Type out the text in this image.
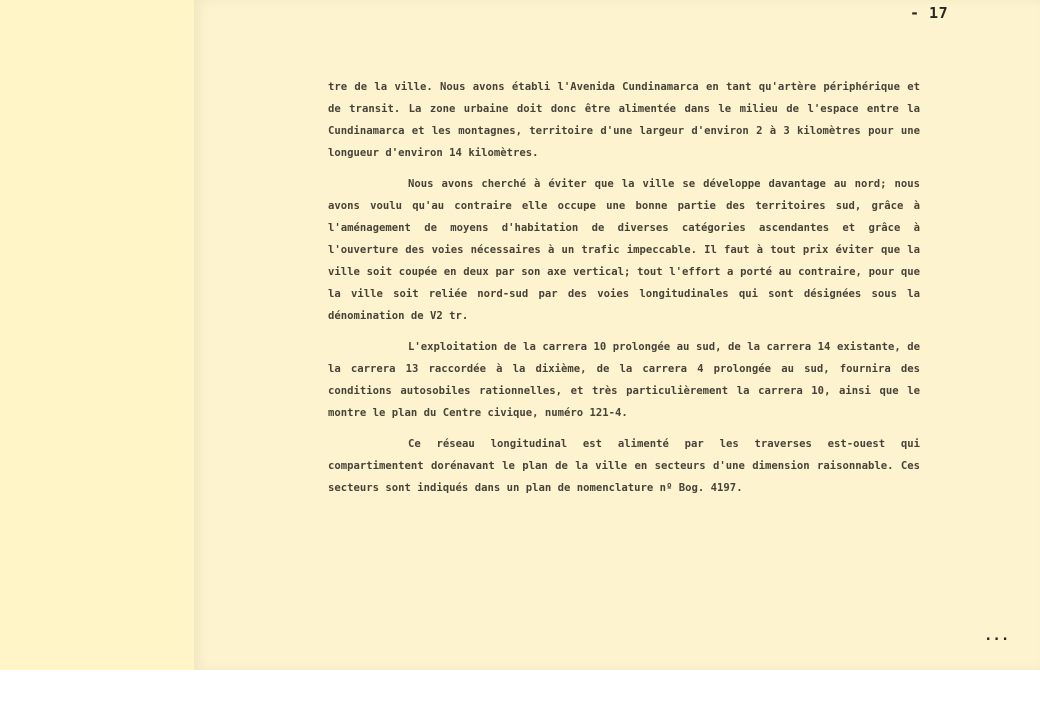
- 17

tre de la ville. Nous avons établi l'Avenida Cundinamarca en tant qu'artère périphérique et de transit. La zone urbaine doit donc être alimentée dans le milieu de l'espace entre la Cundinamarca et les montagnes, territoire d'une largeur d'environ 2 à 3 kilomètres pour une longueur d'environ 14 kilomètres.

Nous avons cherché à éviter que la ville se développe davantage au nord; nous avons voulu qu'au contraire elle occupe une bonne partie des territoires sud, grâce à l'aménagement de moyens d'habitation de diverses catégories ascendantes et grâce à l'ouverture des voies nécessaires à un trafic impeccable. Il faut à tout prix éviter que la ville soit coupée en deux par son axe vertical; tout l'effort a porté au contraire, pour que la ville soit reliée nord-sud par des voies longitudinales qui sont désignées sous la dénomination de V2 tr.

L'exploitation de la carrera 10 prolongée au sud, de la carrera 14 existante, de la carrera 13 raccordée à la dixième, de la carrera 4 prolongée au sud, fournira des conditions autosobiles rationnelles, et très particulièrement la carrera 10, ainsi que le montre le plan du Centre civique, numéro 121-4.

Ce réseau longitudinal est alimenté par les traverses est-ouest qui compartimentent dorénavant le plan de la ville en secteurs d'une dimension raisonnable. Ces secteurs sont indiqués dans un plan de nomenclature nº Bog. 4197.

...
